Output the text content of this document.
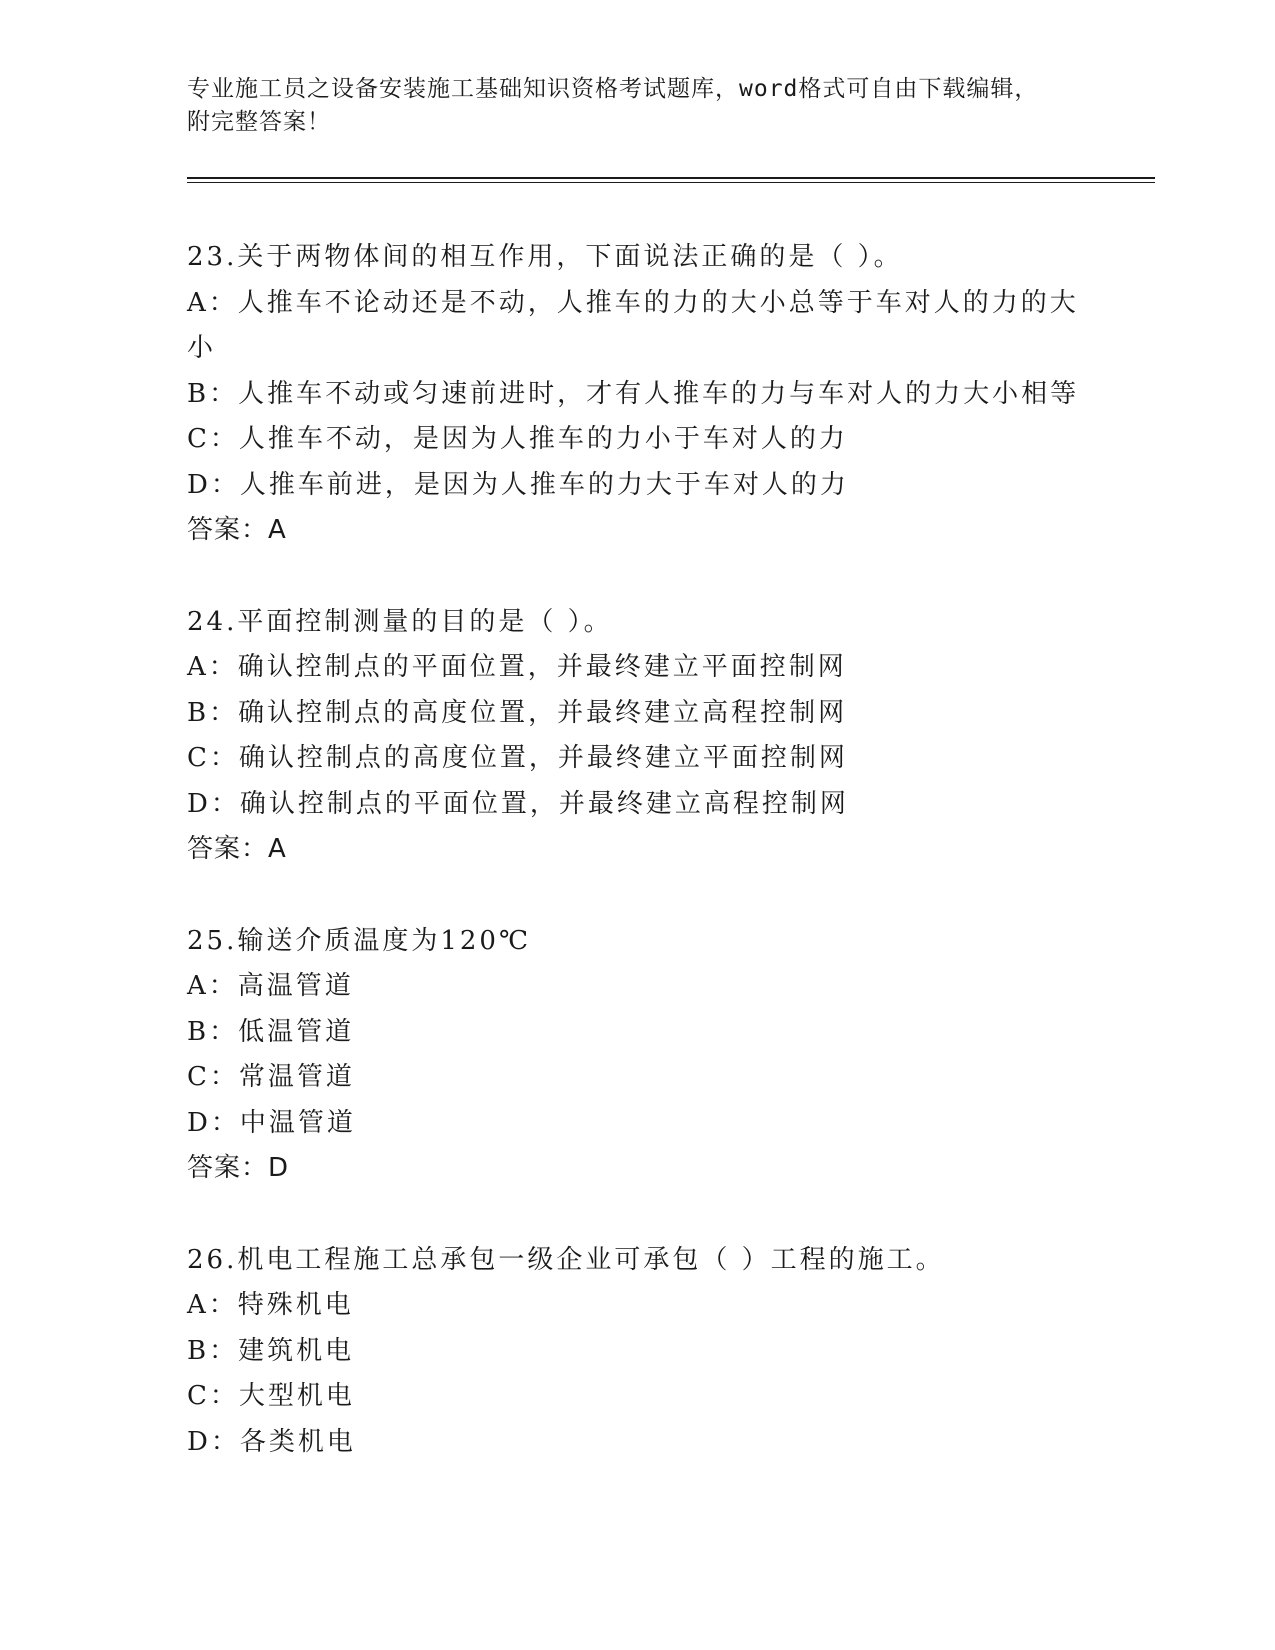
专业施工员之设备安装施工基础知识资格考试题库，word格式可自由下载编辑，
附完整答案！
23.关于两物体间的相互作用，下面说法正确的是（ ）。
A：人推车不论动还是不动，人推车的力的大小总等于车对人的力的大
小
B：人推车不动或匀速前进时，才有人推车的力与车对人的力大小相等
C：人推车不动，是因为人推车的力小于车对人的力
D：人推车前进，是因为人推车的力大于车对人的力
答案：A
24.平面控制测量的目的是（ ）。
A：确认控制点的平面位置，并最终建立平面控制网
B：确认控制点的高度位置，并最终建立高程控制网
C：确认控制点的高度位置，并最终建立平面控制网
D：确认控制点的平面位置，并最终建立高程控制网
答案：A
25.输送介质温度为120℃
A：高温管道
B：低温管道
C：常温管道
D：中温管道
答案：D
26.机电工程施工总承包一级企业可承包（ ）工程的施工。
A：特殊机电
B：建筑机电
C：大型机电
D：各类机电
